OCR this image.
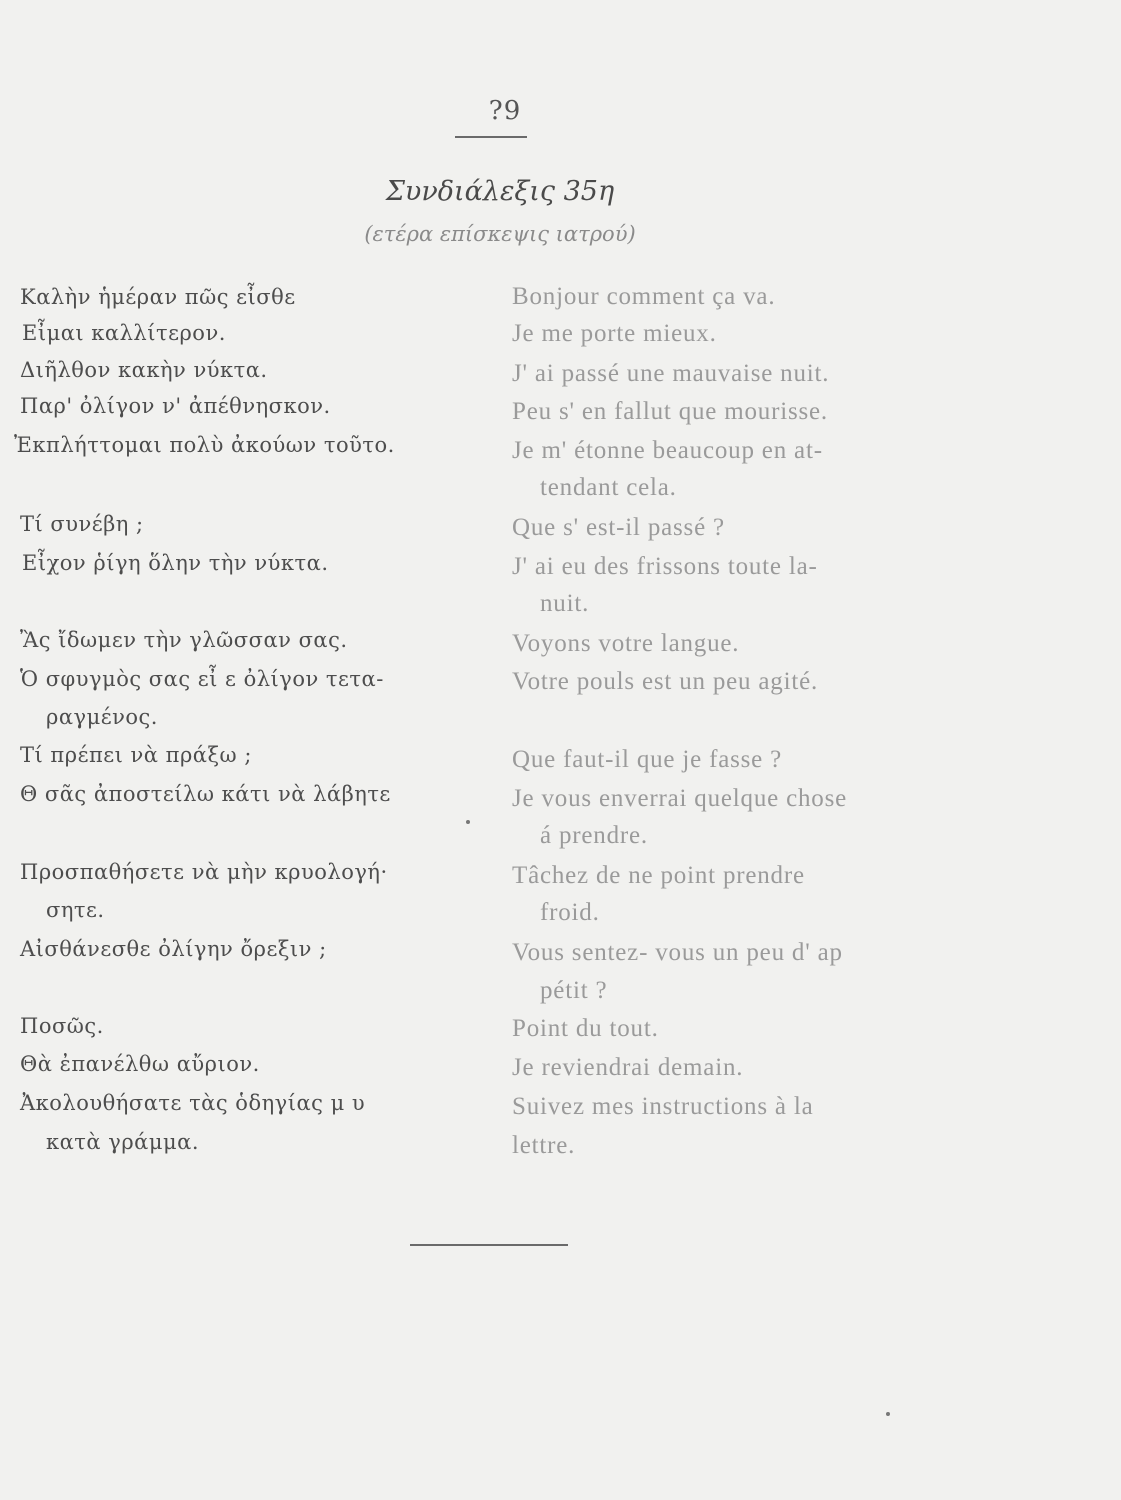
?9
Συνδιάλεξις 35η
(ετέρα επίσκεψις ιατρού)
Καλὴν ἡμέραν πῶς εἶσθε
Εἶμαι καλλίτερον.
Διῆλθον κακὴν νύκτα.
Παρ' ὀλίγον ν' ἀπέθνησκον.
Ἐκπλήττομαι πολὺ ἀκούων τοῦτο.
Τί συνέβη ;
Εἶχον ῥίγη ὅλην τὴν νύκτα.
Ἂς ἴδωμεν τὴν γλῶσσαν σας.
Ὁ σφυγμὸς σας εἶ ε ὀλίγον τετα-
ραγμένος.
Τί πρέπει νὰ πράξω ;
Θ σᾶς ἀποστείλω κάτι νὰ λάβητε
Προσπαθήσετε νὰ μὴν κρυολογή·
σητε.
Αἰσθάνεσθε ὀλίγην ὄρεξιν ;
Ποσῶς.
Θὰ ἐπανέλθω αὔριον.
Ἀκολουθήσατε τὰς ὁδηγίας μ υ
κατὰ γράμμα.
Bonjour comment ça va.
Je me porte mieux.
J' ai passé une mauvaise nuit.
Peu s' en fallut que mourisse.
Je m' étonne beaucoup en at-
tendant cela.
Que s' est-il passé ?
J' ai eu des frissons toute la-
nuit.
Voyons votre langue.
Votre pouls est un peu agité.
Que faut-il que je fasse ?
Je vous enverrai quelque chose
á prendre.
Tâchez de ne point prendre
froid.
Vous sentez- vous un peu d' ap
pétit ?
Point du tout.
Je reviendrai demain.
Suivez mes instructions à la
lettre.
